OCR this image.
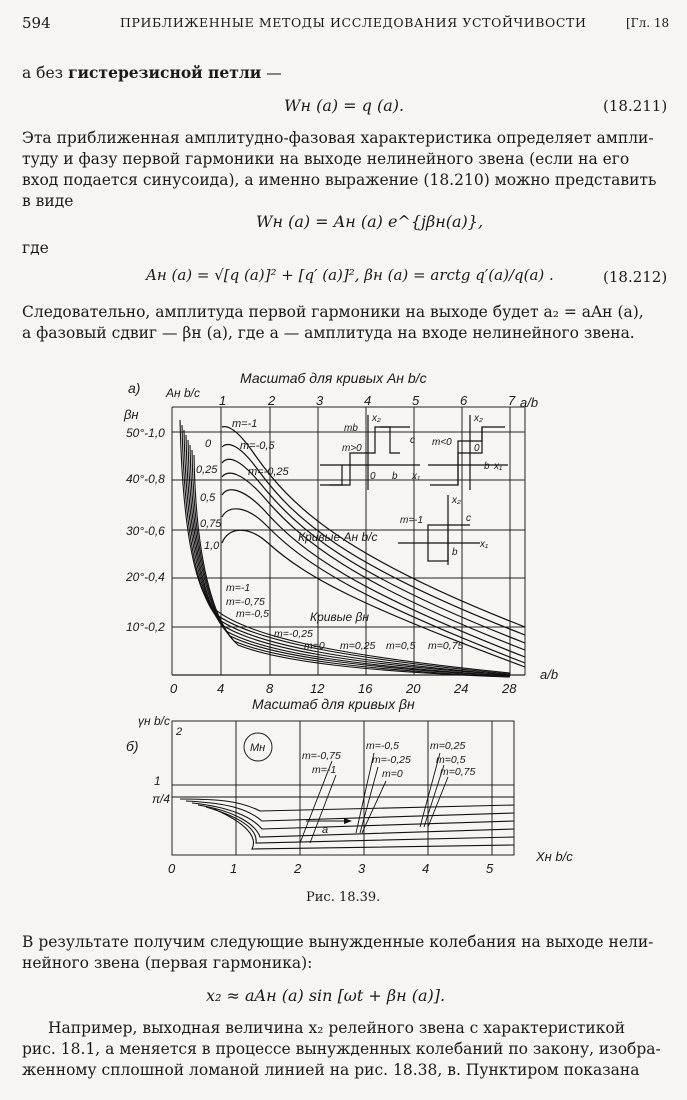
594	ПРИБЛИЖЕННЫЕ МЕТОДЫ ИССЛЕДОВАНИЯ УСТОЙЧИВОСТИ	[Гл. 18
а без гистерезисной петли —
Wн (a) = q (a).	(18.211)
Эта приближенная амплитудно-фазовая характеристика определяет ампли-
туду и фазу первой гармоники на выходе нелинейного звена (если на его
вход подается синусоида), а именно выражение (18.210) можно представить
в виде
Wн (a) = Aн (a) e^{jβн(a)},
где
Aн (a) = √[q (a)]² + [q′ (a)]², βн (a) = arctg q′(a)/q(a) .	(18.212)
Следовательно, амплитуда первой гармоники на выходе будет a₂ = aAн (a),
а фазовый сдвиг — βн (a), где a — амплитуда на входе нелинейного звена.
а)
Масштаб для кривых Aн b/c
1	2	3	4	5	6	7 a/b
βн
Aн b/c
50°-1,0
40°-0,8
30°-0,6
20°-0,4
10°-0,2
m=-1
0	m=-0,5
0,25	m=-0,25
0,5
0,75
1,0
Кривые Aн b/c
Кривые βн
m=-1
m=-0,75
m=-0,5
m=-0,25
m=0 m=0,25 m=0,5 m=0,75
mb
m>0
x₂
c
0 b x₁
x₂
m<0
0
b x₁
x₂
m=-1	c
b
x₁
0	4	8	12	16	20	24	28
a/b
Масштаб для кривых βн
б)
γн b/c
1
π/4
2
Mн
m=-0,75
m=-1
m=-0,5
m=-0,25
m=0
m=0,25
m=0,5
m=0,75
a
0	1	2	3	4	5
Xн b/c
Рис. 18.39.
В результате получим следующие вынужденные колебания на выходе нели-
нейного звена (первая гармоника):
x₂ ≈ aAн (a) sin [ωt + βн (a)].
Например, выходная величина x₂ релейного звена с характеристикой
рис. 18.1, а меняется в процессе вынужденных колебаний по закону, изобра-
женному сплошной ломаной линией на рис. 18.38, в. Пунктиром показана
